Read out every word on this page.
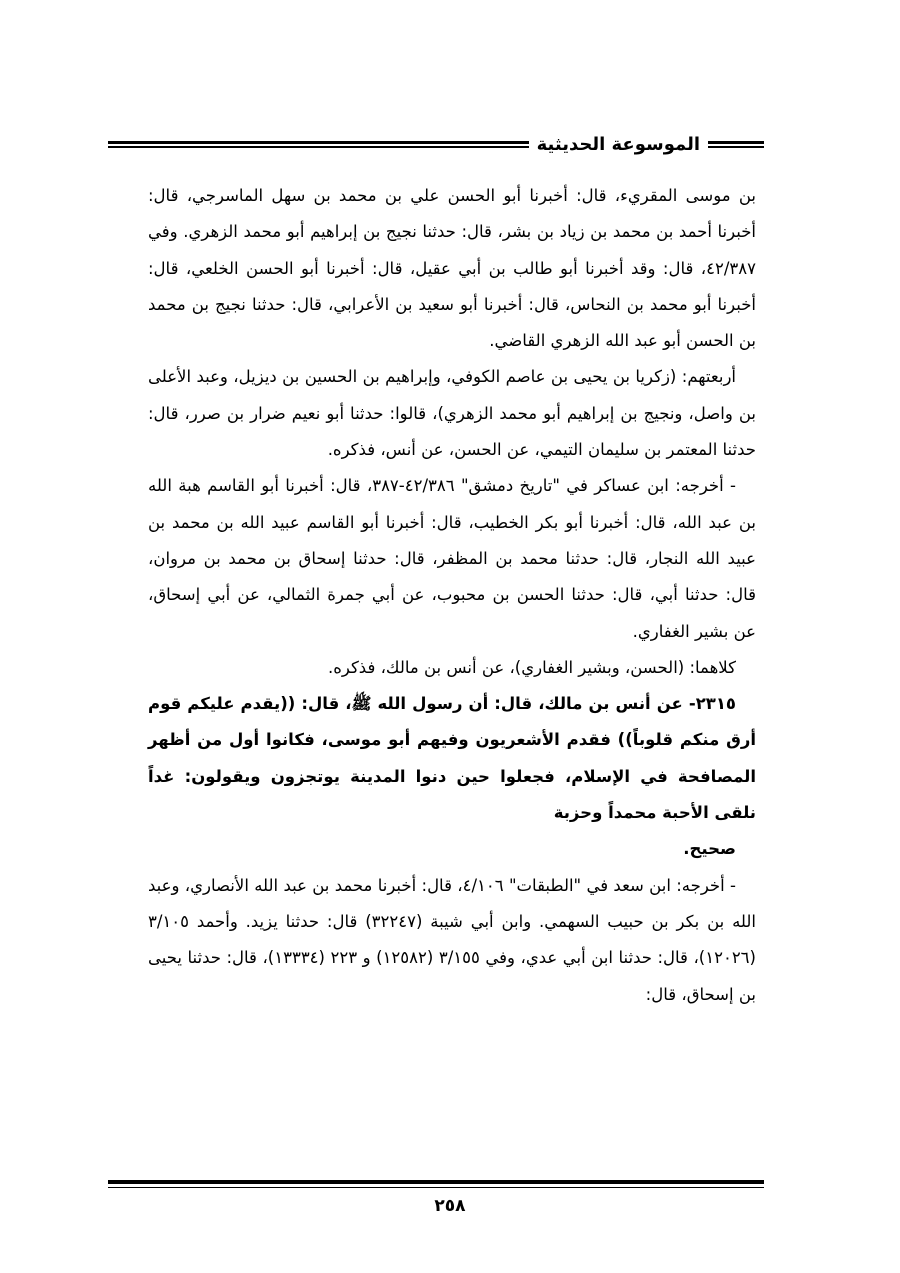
الموسوعة الحديثية

بن موسى المقريء، قال: أخبرنا أبو الحسن علي بن محمد بن سهل الماسرجي، قال: أخبرنا أحمد بن محمد بن زياد بن بشر، قال: حدثنا نجيج بن إبراهيم أبو محمد الزهري. وفي ٤٢/٣٨٧، قال: وقد أخبرنا أبو طالب بن أبي عقيل، قال: أخبرنا أبو الحسن الخلعي، قال: أخبرنا أبو محمد بن النحاس، قال: أخبرنا أبو سعيد بن الأعرابي، قال: حدثنا نجيج بن محمد بن الحسن أبو عبد الله الزهري القاضي.

أربعتهم: (زكريا بن يحيى بن عاصم الكوفي، وإبراهيم بن الحسين بن ديزيل، وعبد الأعلى بن واصل، ونجيج بن إبراهيم أبو محمد الزهري)، قالوا: حدثنا أبو نعيم ضرار بن صرر، قال: حدثنا المعتمر بن سليمان التيمي، عن الحسن، عن أنس، فذكره.

- أخرجه: ابن عساكر في "تاريخ دمشق" ٤٢/٣٨٦-٣٨٧، قال: أخبرنا أبو القاسم هبة الله بن عبد الله، قال: أخبرنا أبو بكر الخطيب، قال: أخبرنا أبو القاسم عبيد الله بن محمد بن عبيد الله النجار، قال: حدثنا محمد بن المظفر، قال: حدثنا إسحاق بن محمد بن مروان، قال: حدثنا أبي، قال: حدثنا الحسن بن محبوب، عن أبي جمرة الثمالي، عن أبي إسحاق، عن بشير الغفاري.

كلاهما: (الحسن، وبشير الغفاري)، عن أنس بن مالك، فذكره.

٢٣١٥- عن أنس بن مالك، قال: أن رسول الله ﷺ، قال: ((يقدم عليكم قوم أرق منكم قلوباً)) فقدم الأشعريون وفيهم أبو موسى، فكانوا أول من أظهر المصافحة في الإسلام، فجعلوا حين دنوا المدينة يوتجزون ويقولون: غداً نلقى الأحبة محمداً وحزبة

صحيح.

- أخرجه: ابن سعد في "الطبقات" ٤/١٠٦، قال: أخبرنا محمد بن عبد الله الأنصاري، وعبد الله بن بكر بن حبيب السهمي. وابن أبي شيبة (٣٢٢٤٧) قال: حدثنا يزيد. وأحمد ٣/١٠٥ (١٢٠٢٦)، قال: حدثنا ابن أبي عدي، وفي ٣/١٥٥ (١٢٥٨٢) و ٢٢٣ (١٣٣٣٤)، قال: حدثنا يحيى بن إسحاق، قال:

٢٥٨
